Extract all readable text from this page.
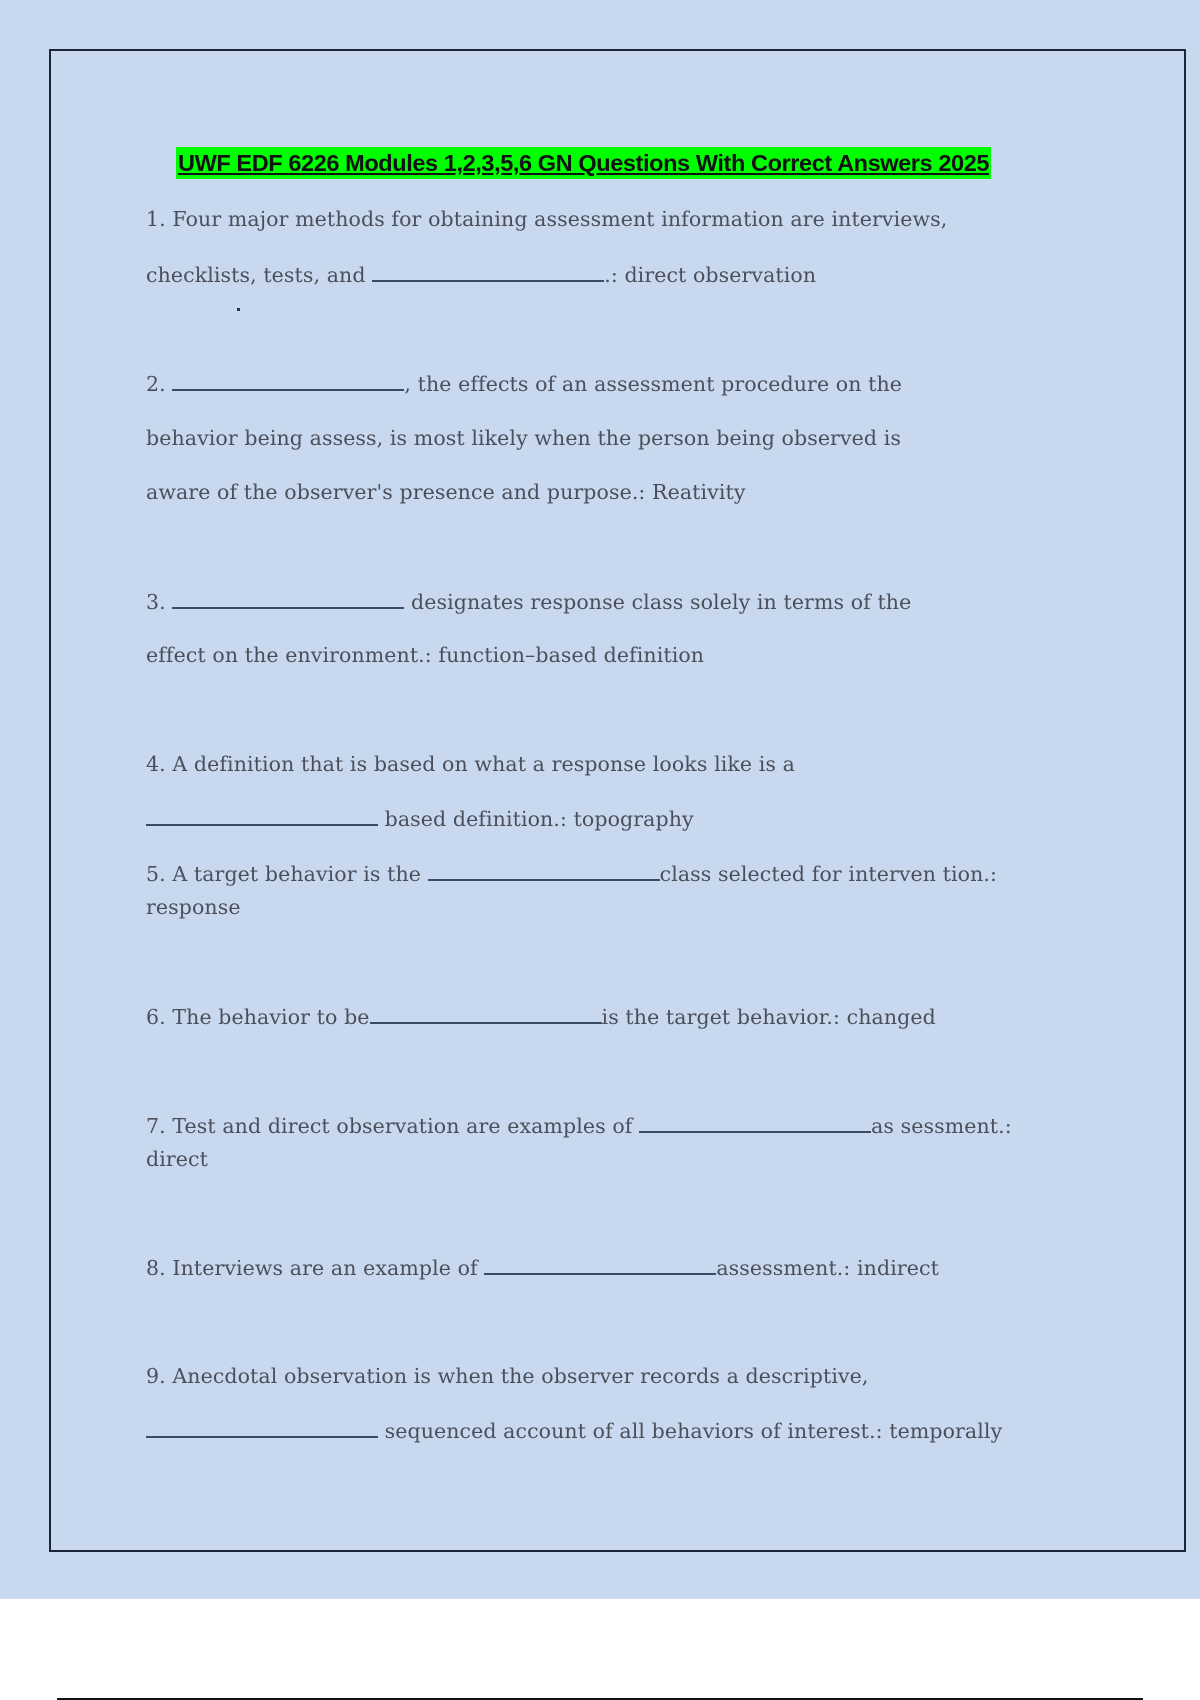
UWF EDF 6226 Modules 1,2,3,5,6 GN Questions With Correct Answers 2025
1. Four major methods for obtaining assessment information are interviews,
checklists, tests, and	.: direct observation
2.	, the effects of an assessment procedure on the
behavior being assess, is most likely when the person being observed is
aware of the observer's presence and purpose.: Reativity
3.	designates response class solely in terms of the
effect on the environment.: function–based definition
4. A definition that is based on what a response looks like is a
based definition.: topography
5. A target behavior is the	class selected for interven tion.:
response
6. The behavior to be	is the target behavior.: changed
7. Test and direct observation are examples of	as sessment.:
direct
8. Interviews are an example of	assessment.: indirect
9. Anecdotal observation is when the observer records a descriptive,
sequenced account of all behaviors of interest.: temporally
